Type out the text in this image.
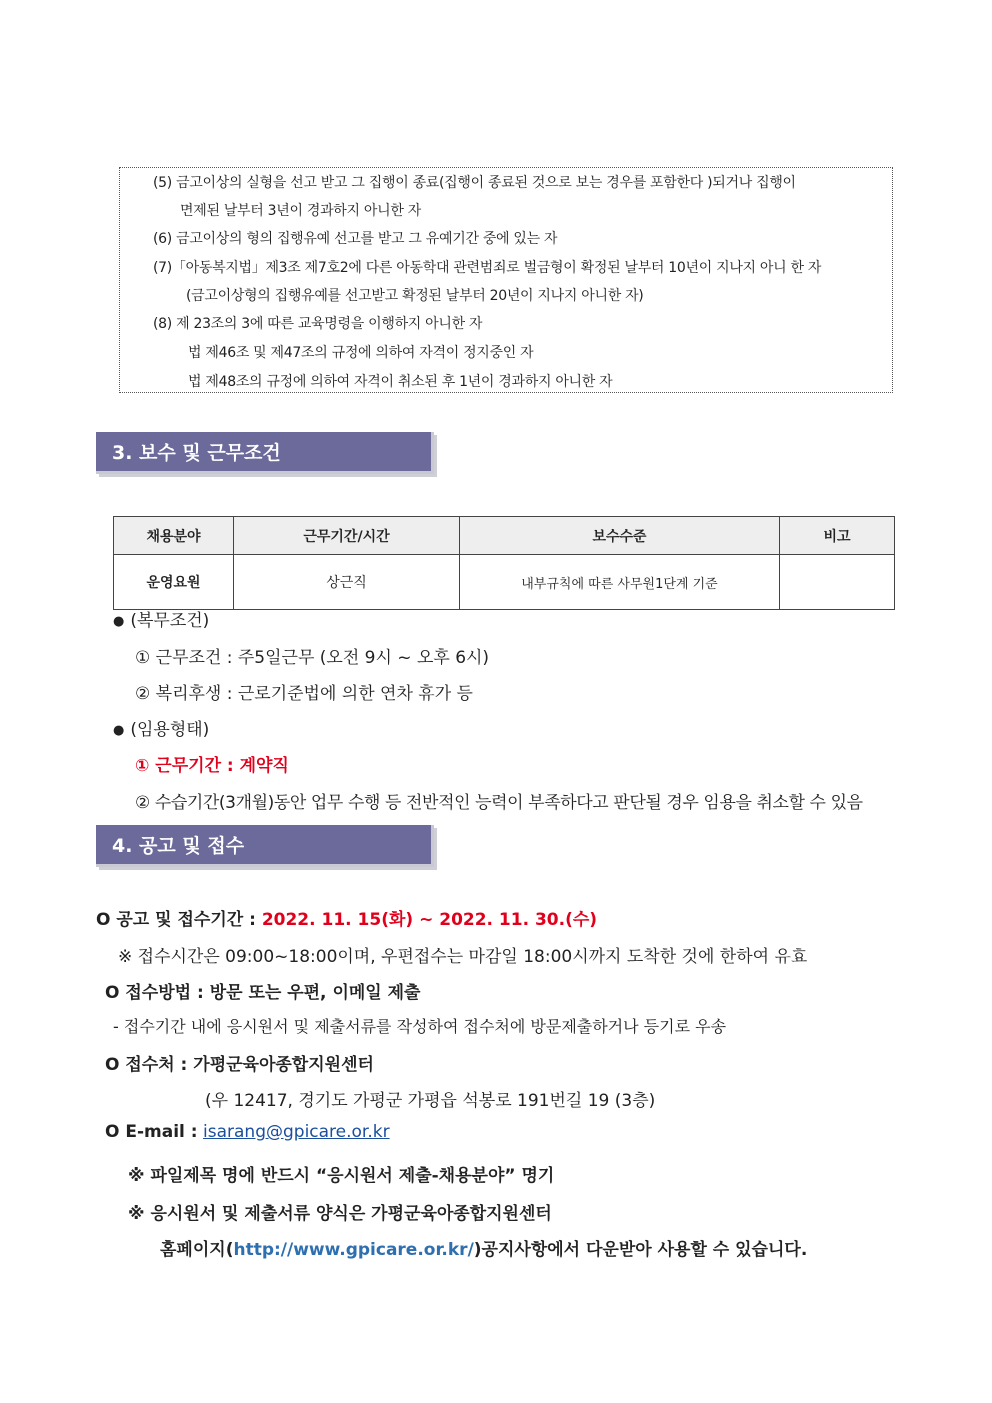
(5) 금고이상의 실형을 선고 받고 그 집행이 종료(집행이 종료된 것으로 보는 경우를 포함한다 )되거나 집행이
면제된 날부터 3년이 경과하지 아니한 자
(6) 금고이상의 형의 집행유예 선고를 받고 그 유예기간 중에 있는 자
(7)「아동복지법」제3조 제7호2에 다른 아동학대 관련범죄로 벌금형이 확정된 날부터 10년이 지나지 아니 한 자
(금고이상형의 집행유예를 선고받고 확정된 날부터 20년이 지나지 아니한 자)
(8) 제 23조의 3에 따른 교육명령을 이행하지 아니한 자
법 제46조 및 제47조의 규정에 의하여 자격이 정지중인 자
법 제48조의 규정에 의하여 자격이 취소된 후 1년이 경과하지 아니한 자
3. 보수 및 근무조건
채용분야	근무기간/시간	보수수준	비고
운영요원	상근직	내부규칙에 따른 사무원1단계 기준	
● (복무조건)
① 근무조건 : 주5일근무 (오전 9시 ~ 오후 6시)
② 복리후생 : 근로기준법에 의한 연차 휴가 등
● (임용형태)
① 근무기간 : 계약직
② 수습기간(3개월)동안 업무 수행 등 전반적인 능력이 부족하다고 판단될 경우 임용을 취소할 수 있음
4. 공고 및 접수
O 공고 및 접수기간 : 2022. 11. 15(화) ~ 2022. 11. 30.(수)
※ 접수시간은 09:00~18:00이며, 우편접수는 마감일 18:00시까지 도착한 것에 한하여 유효
O 접수방법 : 방문 또는 우편, 이메일 제출
- 접수기간 내에 응시원서 및 제출서류를 작성하여 접수처에 방문제출하거나 등기로 우송
O 접수처 : 가평군육아종합지원센터
(우 12417, 경기도 가평군 가평읍 석봉로 191번길 19 (3층)
O E-mail : isarang@gpicare.or.kr
※ 파일제목 명에 반드시 “응시원서 제출-채용분야” 명기
※ 응시원서 및 제출서류 양식은 가평군육아종합지원센터
홈페이지(http://www.gpicare.or.kr/)공지사항에서 다운받아 사용할 수 있습니다.
